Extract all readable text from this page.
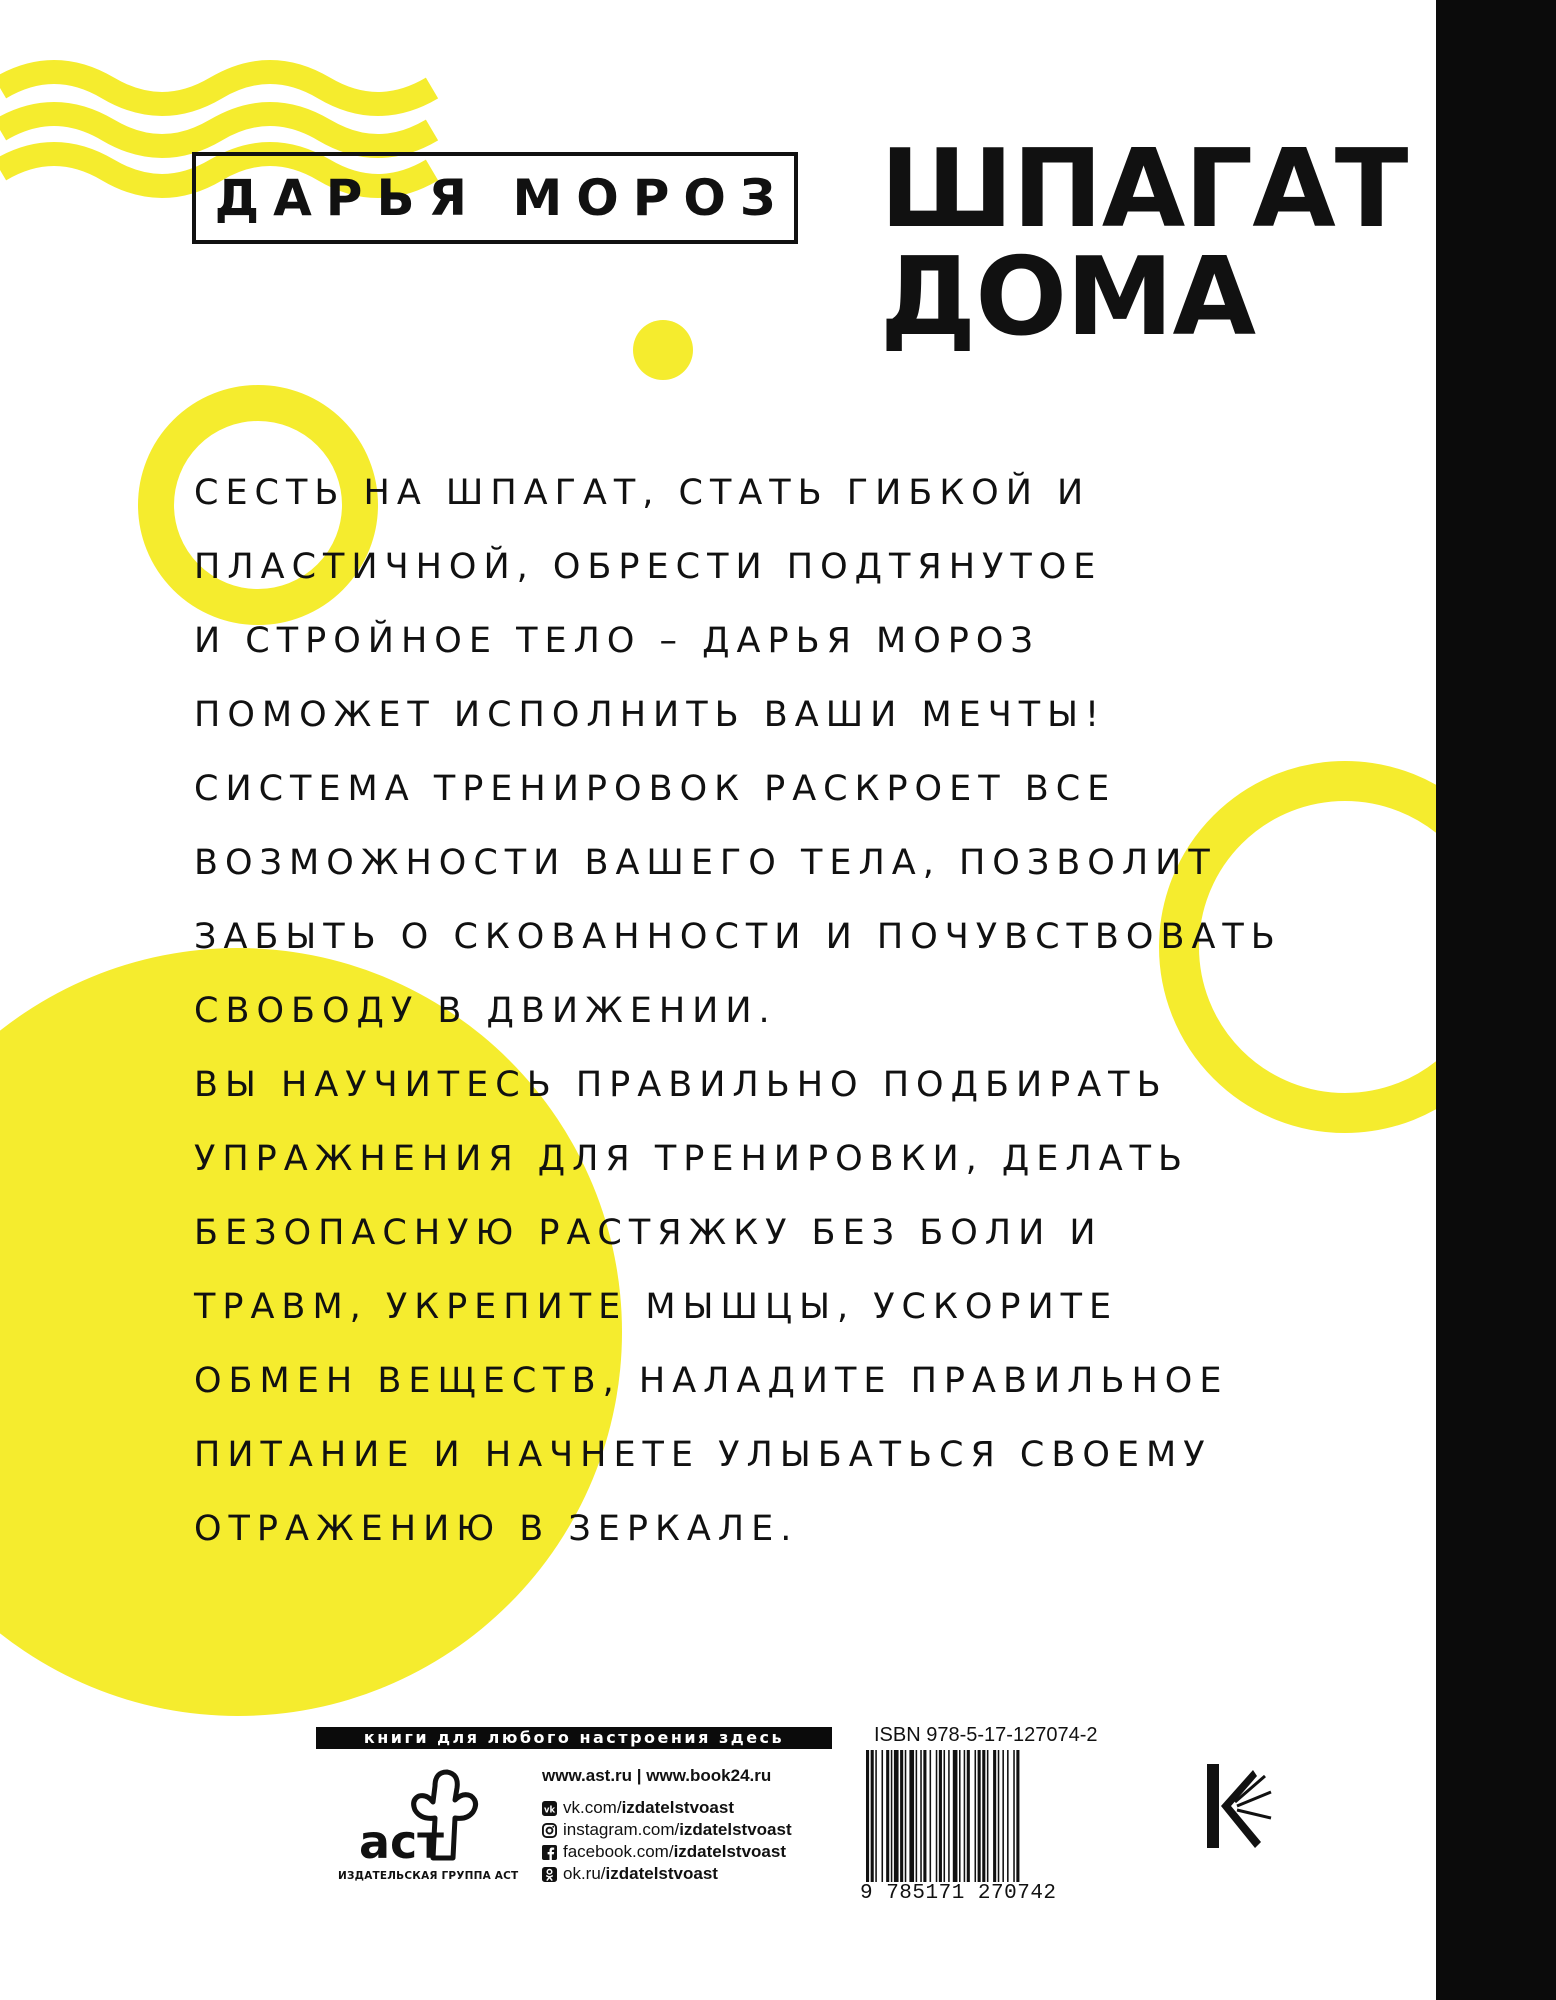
ДАРЬЯ МОРОЗ ШПАГАТ
ДОМА
СЕСТЬ НА ШПАГАТ, СТАТЬ ГИБКОЙ И
ПЛАСТИЧНОЙ, ОБРЕСТИ ПОДТЯНУТОЕ
И СТРОЙНОЕ ТЕЛО – ДАРЬЯ МОРОЗ
ПОМОЖЕТ ИСПОЛНИТЬ ВАШИ МЕЧТЫ!
СИСТЕМА ТРЕНИРОВОК РАСКРОЕТ ВСЕ
ВОЗМОЖНОСТИ ВАШЕГО ТЕЛА, ПОЗВОЛИТ
ЗАБЫТЬ О СКОВАННОСТИ И ПОЧУВСТВОВАТЬ
СВОБОДУ В ДВИЖЕНИИ.
ВЫ НАУЧИТЕСЬ ПРАВИЛЬНО ПОДБИРАТЬ
УПРАЖНЕНИЯ ДЛЯ ТРЕНИРОВКИ, ДЕЛАТЬ
БЕЗОПАСНУЮ РАСТЯЖКУ БЕЗ БОЛИ И
ТРАВМ, УКРЕПИТЕ МЫШЦЫ, УСКОРИТЕ
ОБМЕН ВЕЩЕСТВ, НАЛАДИТЕ ПРАВИЛЬНОЕ
ПИТАНИЕ И НАЧНЕТЕ УЛЫБАТЬСЯ СВОЕМУ
ОТРАЖЕНИЮ В ЗЕРКАЛЕ.
книги для любого настроения здесь
аст
ИЗДАТЕЛЬСКАЯ ГРУППА АСТ
www.ast.ru | www.book24.ru
vk vk.com/ izdatelstvoast
instagram.com/ izdatelstvoast
facebook.com/ izdatelstvoast
ok.ru/ izdatelstvoast
ISBN 978-5-17-127074-2
9 785171 270742
